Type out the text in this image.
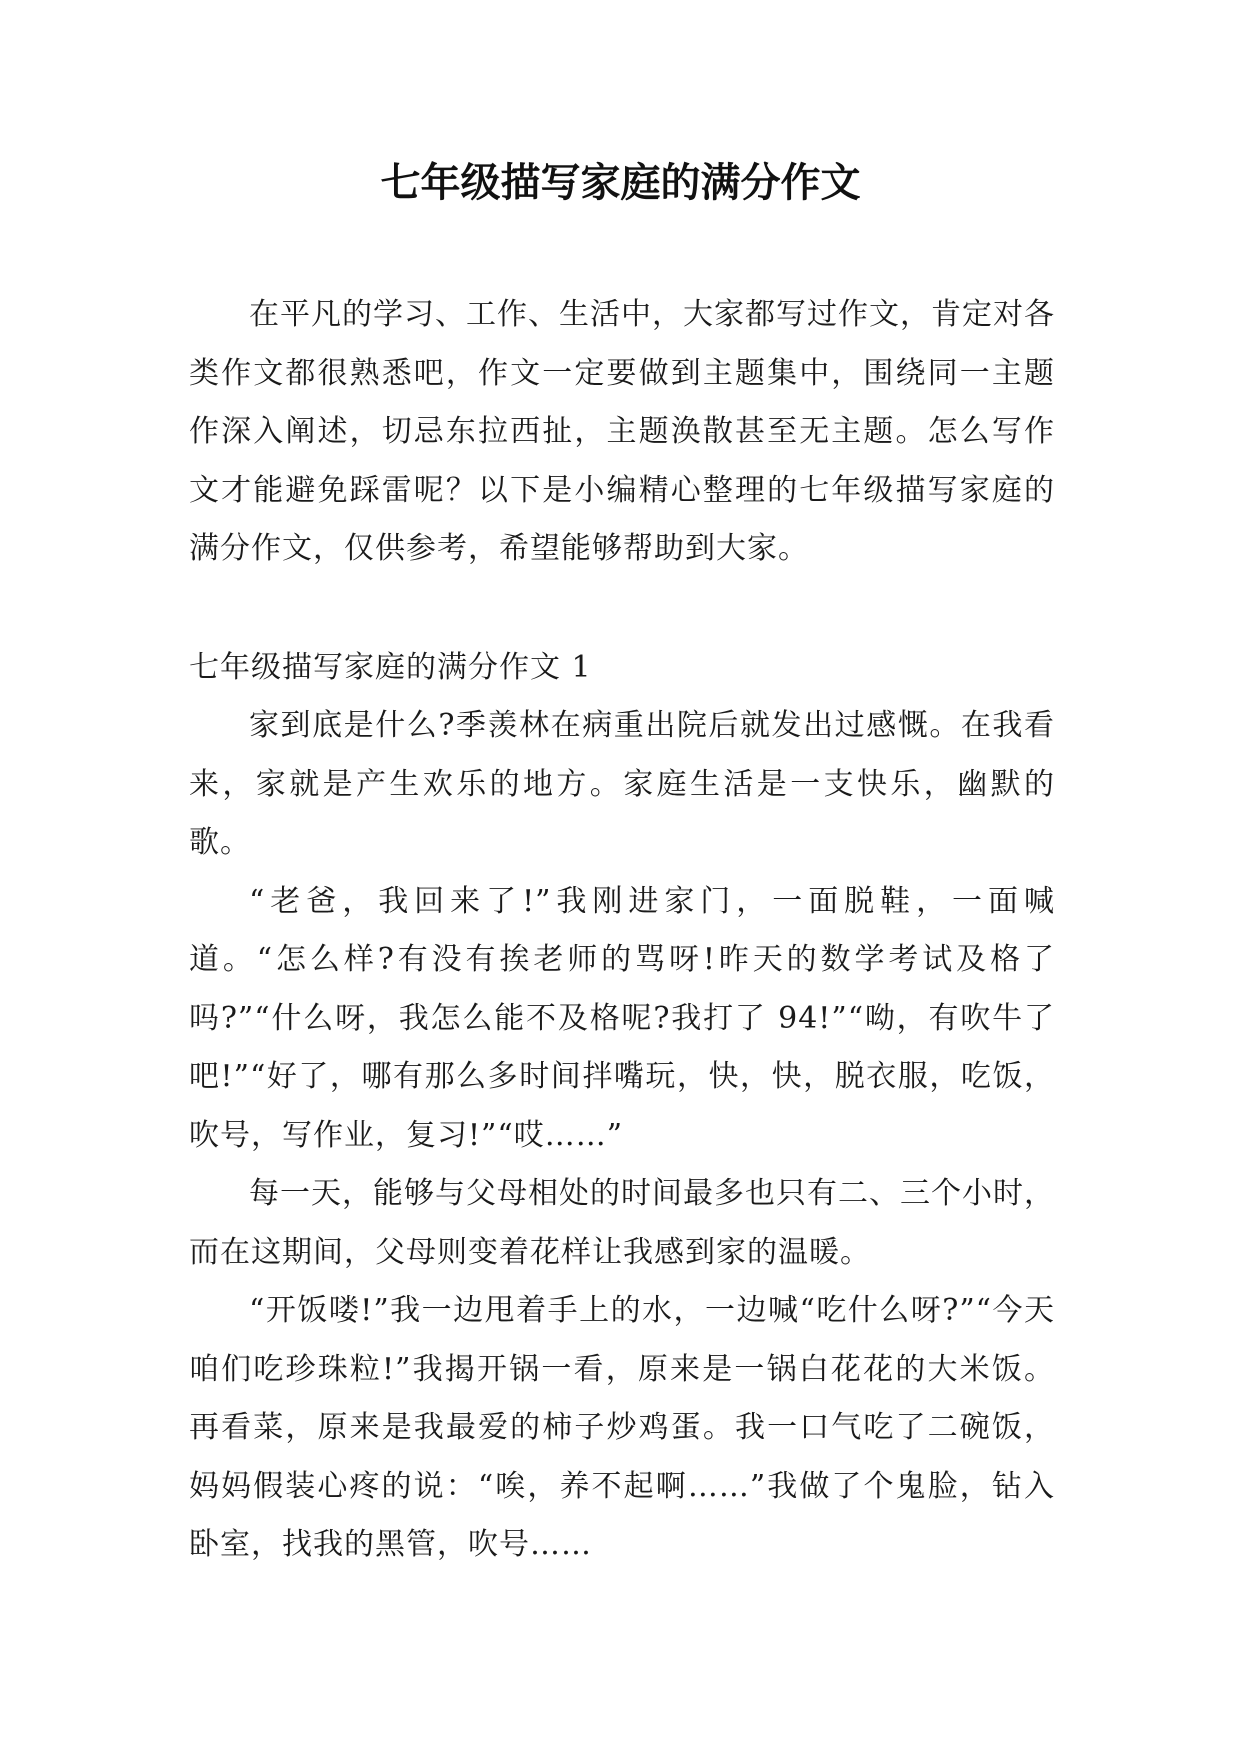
七年级描写家庭的满分作文

在平凡的学习、工作、生活中，大家都写过作文，肯定对各类作文都很熟悉吧，作文一定要做到主题集中，围绕同一主题作深入阐述，切忌东拉西扯，主题涣散甚至无主题。怎么写作文才能避免踩雷呢？以下是小编精心整理的七年级描写家庭的满分作文，仅供参考，希望能够帮助到大家。

七年级描写家庭的满分作文 1

家到底是什么?季羡林在病重出院后就发出过感慨。在我看来，家就是产生欢乐的地方。家庭生活是一支快乐，幽默的歌。

“老爸，我回来了!”我刚进家门，一面脱鞋，一面喊道。“怎么样?有没有挨老师的骂呀!昨天的数学考试及格了吗?”“什么呀，我怎么能不及格呢?我打了 94!”“呦，有吹牛了吧!”“好了，哪有那么多时间拌嘴玩，快，快，脱衣服，吃饭，吹号，写作业，复习!”“哎……”

每一天，能够与父母相处的时间最多也只有二、三个小时，而在这期间，父母则变着花样让我感到家的温暖。

“开饭喽!”我一边甩着手上的水，一边喊“吃什么呀?”“今天咱们吃珍珠粒!”我揭开锅一看，原来是一锅白花花的大米饭。再看菜，原来是我最爱的柿子炒鸡蛋。我一口气吃了二碗饭，妈妈假装心疼的说：“唉，养不起啊……”我做了个鬼脸，钻入卧室，找我的黑管，吹号……
